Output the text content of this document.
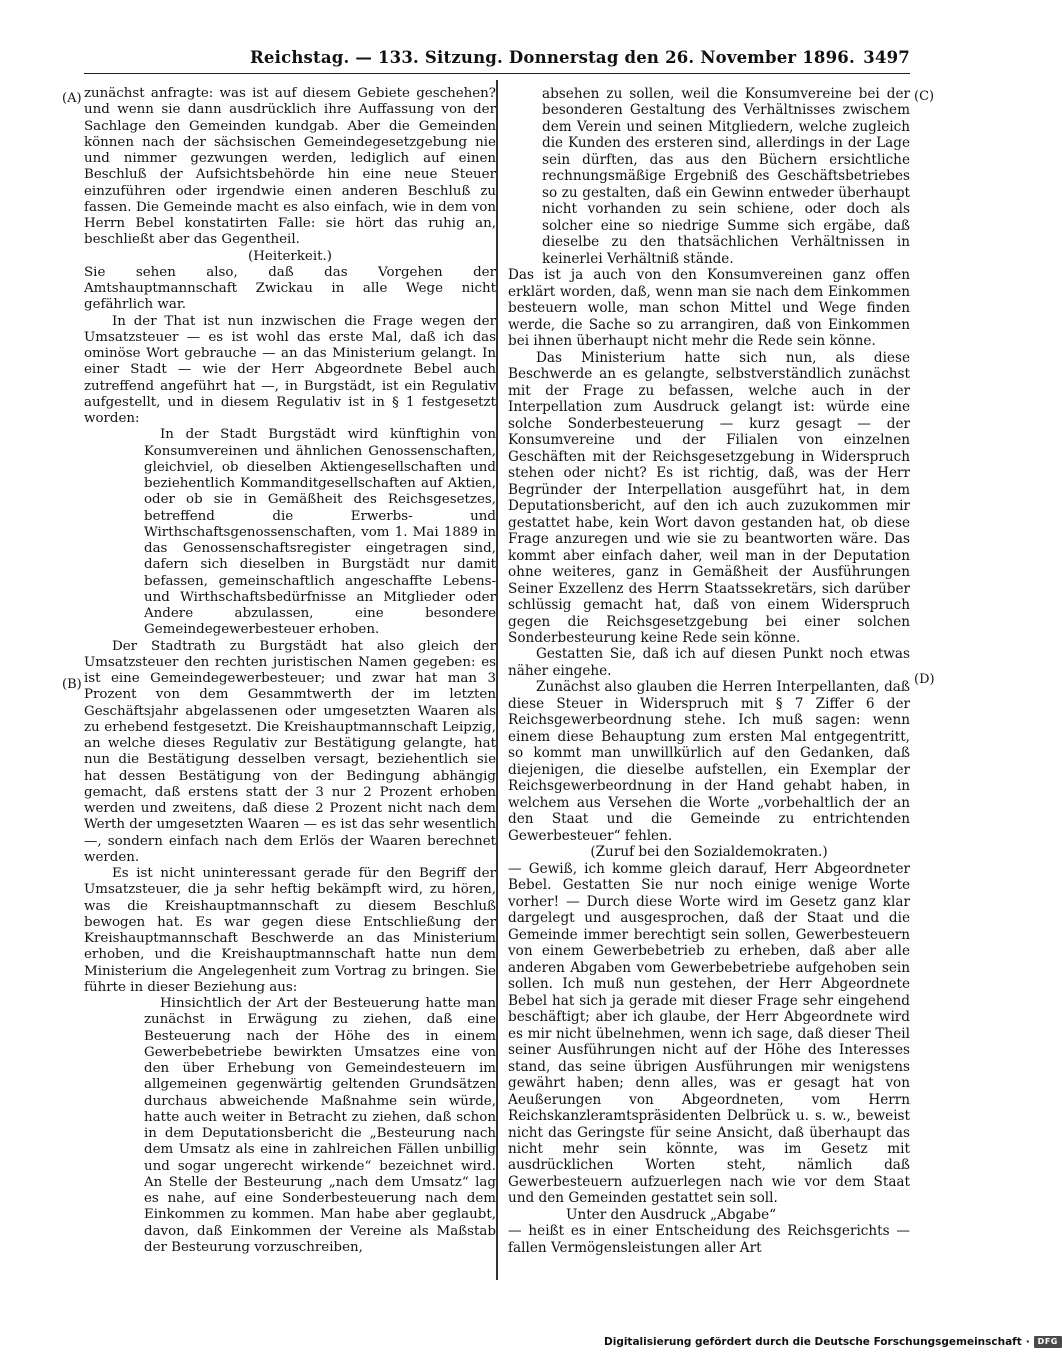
Reichstag. — 133. Sitzung. Donnerstag den 26. November 1896. 3497
(A)
(B)
(C)
(D)

zunächst anfragte: was ist auf diesem Gebiete geschehen? und wenn sie dann ausdrücklich ihre Auffassung von der Sachlage den Gemeinden kundgab. Aber die Gemeinden können nach der sächsischen Gemeindegesetzgebung nie und nimmer gezwungen werden, lediglich auf einen Beschluß der Aufsichtsbehörde hin eine neue Steuer einzuführen oder irgendwie einen anderen Beschluß zu fassen. Die Gemeinde macht es also einfach, wie in dem von Herrn Bebel konstatirten Falle: sie hört das ruhig an, beschließt aber das Gegentheil.

(Heiterkeit.)

Sie sehen also, daß das Vorgehen der Amtshauptmannschaft Zwickau in alle Wege nicht gefährlich war.

In der That ist nun inzwischen die Frage wegen der Umsatzsteuer — es ist wohl das erste Mal, daß ich das ominöse Wort gebrauche — an das Ministerium gelangt. In einer Stadt — wie der Herr Abgeordnete Bebel auch zutreffend angeführt hat —, in Burgstädt, ist ein Regulativ aufgestellt, und in diesem Regulativ ist in § 1 festgesetzt worden:

In der Stadt Burgstädt wird künftighin von Konsumvereinen und ähnlichen Genossenschaften, gleichviel, ob dieselben Aktiengesellschaften und beziehentlich Kommanditgesellschaften auf Aktien, oder ob sie in Gemäßheit des Reichsgesetzes, betreffend die Erwerbs- und Wirthschaftsgenossenschaften, vom 1. Mai 1889 in das Genossenschaftsregister eingetragen sind, dafern sich dieselben in Burgstädt nur damit befassen, gemeinschaftlich angeschaffte Lebens- und Wirthschaftsbedürfnisse an Mitglieder oder Andere abzulassen, eine besondere Gemeindegewerbesteuer erhoben.

Der Stadtrath zu Burgstädt hat also gleich der Umsatzsteuer den rechten juristischen Namen gegeben: es ist eine Gemeindegewerbesteuer; und zwar hat man 3 Prozent von dem Gesammtwerth der im letzten Geschäftsjahr abgelassenen oder umgesetzten Waaren als zu erhebend festgesetzt. Die Kreishauptmannschaft Leipzig, an welche dieses Regulativ zur Bestätigung gelangte, hat nun die Bestätigung desselben versagt, beziehentlich sie hat dessen Bestätigung von der Bedingung abhängig gemacht, daß erstens statt der 3 nur 2 Prozent erhoben werden und zweitens, daß diese 2 Prozent nicht nach dem Werth der umgesetzten Waaren — es ist das sehr wesentlich —, sondern einfach nach dem Erlös der Waaren berechnet werden.

Es ist nicht uninteressant gerade für den Begriff der Umsatzsteuer, die ja sehr heftig bekämpft wird, zu hören, was die Kreishauptmannschaft zu diesem Beschluß bewogen hat. Es war gegen diese Entschließung der Kreishauptmannschaft Beschwerde an das Ministerium erhoben, und die Kreishauptmannschaft hatte nun dem Ministerium die Angelegenheit zum Vortrag zu bringen. Sie führte in dieser Beziehung aus:

Hinsichtlich der Art der Besteuerung hatte man zunächst in Erwägung zu ziehen, daß eine Besteuerung nach der Höhe des in einem Gewerbebetriebe bewirkten Umsatzes eine von den über Erhebung von Gemeindesteuern im allgemeinen gegenwärtig geltenden Grundsätzen durchaus abweichende Maßnahme sein würde, hatte auch weiter in Betracht zu ziehen, daß schon in dem Deputationsbericht die „Besteurung nach dem Umsatz als eine in zahlreichen Fällen unbillig und sogar ungerecht wirkende“ bezeichnet wird. An Stelle der Besteurung „nach dem Umsatz“ lag es nahe, auf eine Sonderbesteuerung nach dem Einkommen zu kommen. Man habe aber geglaubt, davon, daß Einkommen der Vereine als Maßstab der Besteurung vorzuschreiben,

absehen zu sollen, weil die Konsumvereine bei der besonderen Gestaltung des Verhältnisses zwischem dem Verein und seinen Mitgliedern, welche zugleich die Kunden des ersteren sind, allerdings in der Lage sein dürften, das aus den Büchern ersichtliche rechnungsmäßige Ergebniß des Geschäftsbetriebes so zu gestalten, daß ein Gewinn entweder überhaupt nicht vorhanden zu sein schiene, oder doch als solcher eine so niedrige Summe sich ergäbe, daß dieselbe zu den thatsächlichen Verhältnissen in keinerlei Verhältniß stände.

Das ist ja auch von den Konsumvereinen ganz offen erklärt worden, daß, wenn man sie nach dem Einkommen besteuern wolle, man schon Mittel und Wege finden werde, die Sache so zu arrangiren, daß von Einkommen bei ihnen überhaupt nicht mehr die Rede sein könne.

Das Ministerium hatte sich nun, als diese Beschwerde an es gelangte, selbstverständlich zunächst mit der Frage zu befassen, welche auch in der Interpellation zum Ausdruck gelangt ist: würde eine solche Sonderbesteuerung — kurz gesagt — der Konsumvereine und der Filialen von einzelnen Geschäften mit der Reichsgesetzgebung in Widerspruch stehen oder nicht? Es ist richtig, daß, was der Herr Begründer der Interpellation ausgeführt hat, in dem Deputationsbericht, auf den ich auch zuzukommen mir gestattet habe, kein Wort davon gestanden hat, ob diese Frage anzuregen und wie sie zu beantworten wäre. Das kommt aber einfach daher, weil man in der Deputation ohne weiteres, ganz in Gemäßheit der Ausführungen Seiner Exzellenz des Herrn Staatssekretärs, sich darüber schlüssig gemacht hat, daß von einem Widerspruch gegen die Reichsgesetzgebung bei einer solchen Sonderbesteurung keine Rede sein könne.

Gestatten Sie, daß ich auf diesen Punkt noch etwas näher eingehe.

Zunächst also glauben die Herren Interpellanten, daß diese Steuer in Widerspruch mit § 7 Ziffer 6 der Reichsgewerbeordnung stehe. Ich muß sagen: wenn einem diese Behauptung zum ersten Mal entgegentritt, so kommt man unwillkürlich auf den Gedanken, daß diejenigen, die dieselbe aufstellen, ein Exemplar der Reichsgewerbeordnung in der Hand gehabt haben, in welchem aus Versehen die Worte „vorbehaltlich der an den Staat und die Gemeinde zu entrichtenden Gewerbesteuer“ fehlen.

(Zuruf bei den Sozialdemokraten.)

— Gewiß, ich komme gleich darauf, Herr Abgeordneter Bebel. Gestatten Sie nur noch einige wenige Worte vorher! — Durch diese Worte wird im Gesetz ganz klar dargelegt und ausgesprochen, daß der Staat und die Gemeinde immer berechtigt sein sollen, Gewerbesteuern von einem Gewerbebetrieb zu erheben, daß aber alle anderen Abgaben vom Gewerbebetriebe aufgehoben sein sollen. Ich muß nun gestehen, der Herr Abgeordnete Bebel hat sich ja gerade mit dieser Frage sehr eingehend beschäftigt; aber ich glaube, der Herr Abgeordnete wird es mir nicht übelnehmen, wenn ich sage, daß dieser Theil seiner Ausführungen nicht auf der Höhe des Interesses stand, das seine übrigen Ausführungen mir wenigstens gewährt haben; denn alles, was er gesagt hat von Aeußerungen von Abgeordneten, vom Herrn Reichskanzleramtspräsidenten Delbrück u. s. w., beweist nicht das Geringste für seine Ansicht, daß überhaupt das nicht mehr sein könnte, was im Gesetz mit ausdrücklichen Worten steht, nämlich daß Gewerbesteuern aufzuerlegen nach wie vor dem Staat und den Gemeinden gestattet sein soll.

Unter den Ausdruck „Abgabe“

— heißt es in einer Entscheidung des Reichsgerichts — fallen Vermögensleistungen aller Art

Digitalisierung gefördert durch die Deutsche Forschungsgemeinschaft · DFG
